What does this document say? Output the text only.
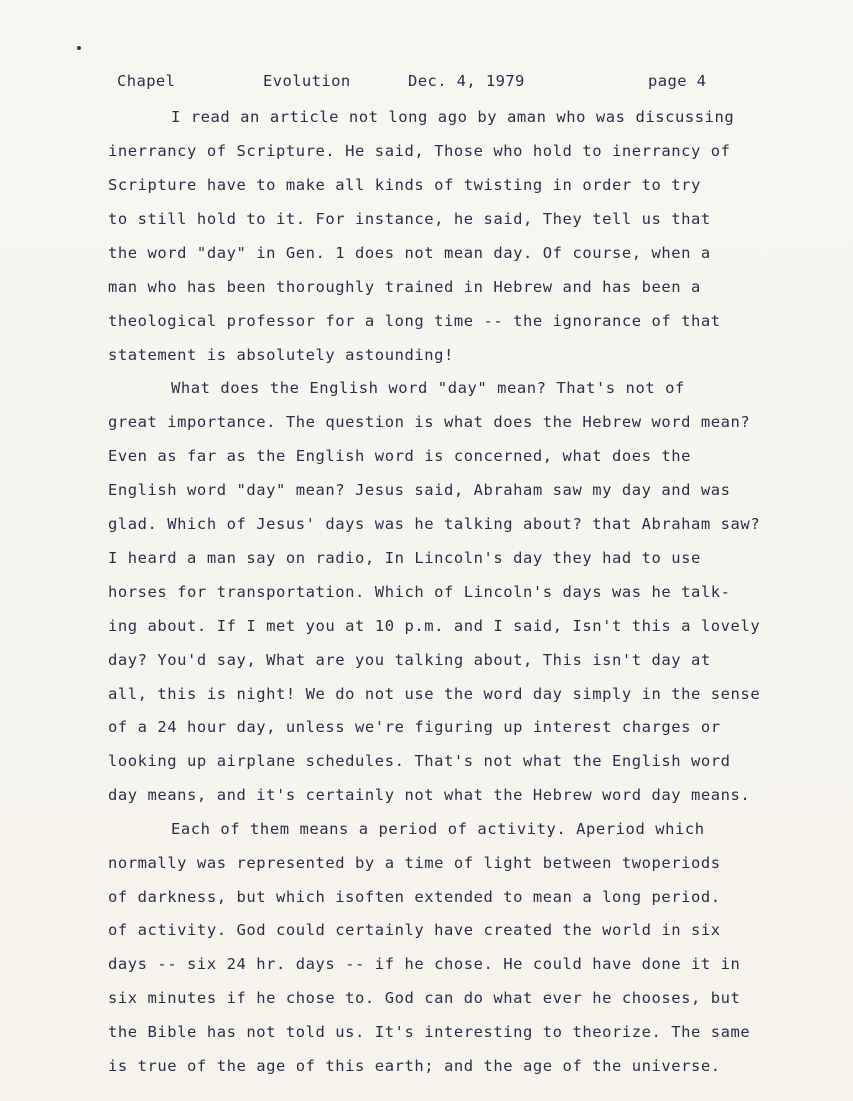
Chapel	Evolution	Dec. 4, 1979	page 4
I read an article not long ago by aman who was discussing
inerrancy of Scripture. He said, Those who hold to inerrancy of
Scripture have to make all kinds of twisting in order to try
to still hold to it. For instance, he said, They tell us that
the word "day" in Gen. 1 does not mean day. Of course, when a
man who has been thoroughly trained in Hebrew and has been a
theological professor for a long time -- the ignorance of that
statement is absolutely astounding!
What does the English word "day" mean? That's not of
great importance. The question is what does the Hebrew word mean?
Even as far as the English word is concerned, what does the
English word "day" mean? Jesus said, Abraham saw my day and was
glad. Which of Jesus' days was he talking about? that Abraham saw?
I heard a man say on radio, In Lincoln's day they had to use
horses for transportation. Which of Lincoln's days was he talk-
ing about. If I met you at 10 p.m. and I said, Isn't this a lovely
day? You'd say, What are you talking about, This isn't day at
all, this is night! We do not use the word day simply in the sense
of a 24 hour day, unless we're figuring up interest charges or
looking up airplane schedules. That's not what the English word
day means, and it's certainly not what the Hebrew word day means.
Each of them means a period of activity. Aperiod which
normally was represented by a time of light between twoperiods
of darkness, but which isoften extended to mean a long period.
of activity. God could certainly have created the world in six
days -- six 24 hr. days -- if he chose. He could have done it in
six minutes if he chose to. God can do what ever he chooses, but
the Bible has not told us. It's interesting to theorize. The same
is true of the age of this earth; and the age of the universe.
